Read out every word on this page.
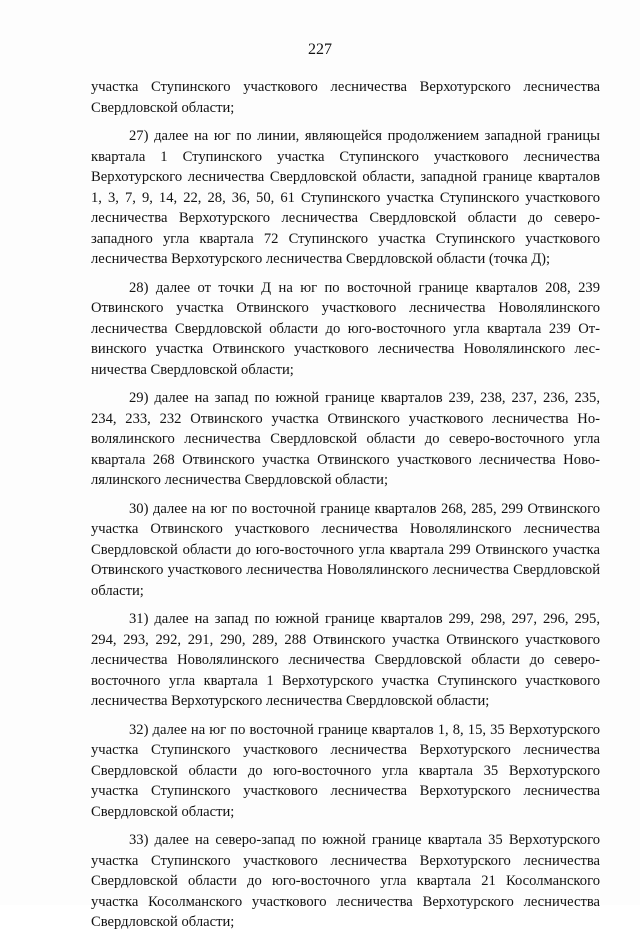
227

участка Ступинского участкового лесничества Верхотурского лесничества Свердловской области;

27) далее на юг по линии, являющейся продолжением западной границы квартала 1 Ступинского участка Ступинского участкового лесничества Верхотурского лесничества Свердловской области, западной границе кварталов 1, 3, 7, 9, 14, 22, 28, 36, 50, 61 Ступинского участка Ступинского участкового лесничества Верхотурского лесничества Свердловской области до северо-западного угла квартала 72 Ступинского участка Ступинского участкового лесничества Верхотурского лесничества Свердловской области (точка Д);

28) далее от точки Д на юг по восточной границе кварталов 208, 239 Отвинского участка Отвинского участкового лесничества Новолялинского лесничества Свердловской области до юго-восточного угла квартала 239 Отвинского участка Отвинского участкового лесничества Новолялинского лесничества Свердловской области;

29) далее на запад по южной границе кварталов 239, 238, 237, 236, 235, 234, 233, 232 Отвинского участка Отвинского участкового лесничества Новолялинского лесничества Свердловской области до северо-восточного угла квартала 268 Отвинского участка Отвинского участкового лесничества Новолялинского лесничества Свердловской области;

30) далее на юг по восточной границе кварталов 268, 285, 299 Отвинского участка Отвинского участкового лесничества Новолялинского лесничества Свердловской области до юго-восточного угла квартала 299 Отвинского участка Отвинского участкового лесничества Новолялинского лесничества Свердловской области;

31) далее на запад по южной границе кварталов 299, 298, 297, 296, 295, 294, 293, 292, 291, 290, 289, 288 Отвинского участка Отвинского участкового лесничества Новолялинского лесничества Свердловской области до северовосточного угла квартала 1 Верхотурского участка Ступинского участкового лесничества Верхотурского лесничества Свердловской области;

32) далее на юг по восточной границе кварталов 1, 8, 15, 35 Верхотурского участка Ступинского участкового лесничества Верхотурского лесничества Свердловской области до юго-восточного угла квартала 35 Верхотурского участка Ступинского участкового лесничества Верхотурского лесничества Свердловской области;

33) далее на северо-запад по южной границе квартала 35 Верхотурского участка Ступинского участкового лесничества Верхотурского лесничества Свердловской области до юго-восточного угла квартала 21 Косолманского участка Косолманского участкового лесничества Верхотурского лесничества Свердловской области;
